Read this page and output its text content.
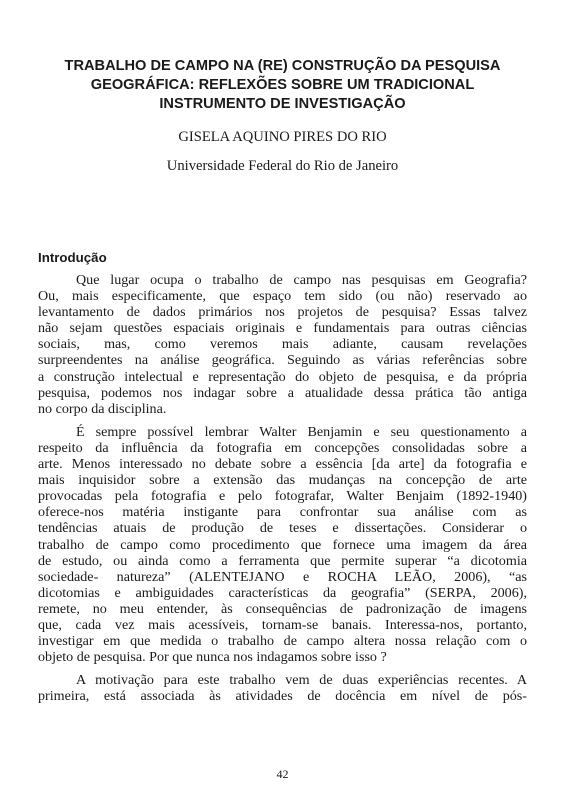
TRABALHO DE CAMPO NA (RE) CONSTRUÇÃO DA PESQUISA
GEOGRÁFICA: REFLEXÕES SOBRE UM TRADICIONAL
INSTRUMENTO DE INVESTIGAÇÃO

GISELA AQUINO PIRES DO RIO

Universidade Federal do Rio de Janeiro

Introdução
Que lugar ocupa o trabalho de campo nas pesquisas em Geografia?
Ou, mais especificamente, que espaço tem sido (ou não) reservado ao
levantamento de dados primários nos projetos de pesquisa? Essas talvez
não sejam questões espaciais originais e fundamentais para outras ciências
sociais, mas, como veremos mais adiante, causam revelações
surpreendentes na análise geográfica. Seguindo as várias referências sobre
a construção intelectual e representação do objeto de pesquisa, e da própria
pesquisa, podemos nos indagar sobre a atualidade dessa prática tão antiga
no corpo da disciplina.
É sempre possível lembrar Walter Benjamin e seu questionamento a
respeito da influência da fotografia em concepções consolidadas sobre a
arte. Menos interessado no debate sobre a essência [da arte] da fotografia e
mais inquisidor sobre a extensão das mudanças na concepção de arte
provocadas pela fotografia e pelo fotografar, Walter Benjaim (1892-1940)
oferece-nos matéria instigante para confrontar sua análise com as
tendências atuais de produção de teses e dissertações. Considerar o
trabalho de campo como procedimento que fornece uma imagem da área
de estudo, ou ainda como a ferramenta que permite superar “a dicotomia
sociedade- natureza” (ALENTEJANO e ROCHA LEÃO, 2006), “as
dicotomias e ambiguidades características da geografia” (SERPA, 2006),
remete, no meu entender, às consequências de padronização de imagens
que, cada vez mais acessíveis, tornam-se banais. Interessa-nos, portanto,
investigar em que medida o trabalho de campo altera nossa relação com o
objeto de pesquisa. Por que nunca nos indagamos sobre isso ?
A motivação para este trabalho vem de duas experiências recentes. A
primeira, está associada às atividades de docência em nível de pós-
42
